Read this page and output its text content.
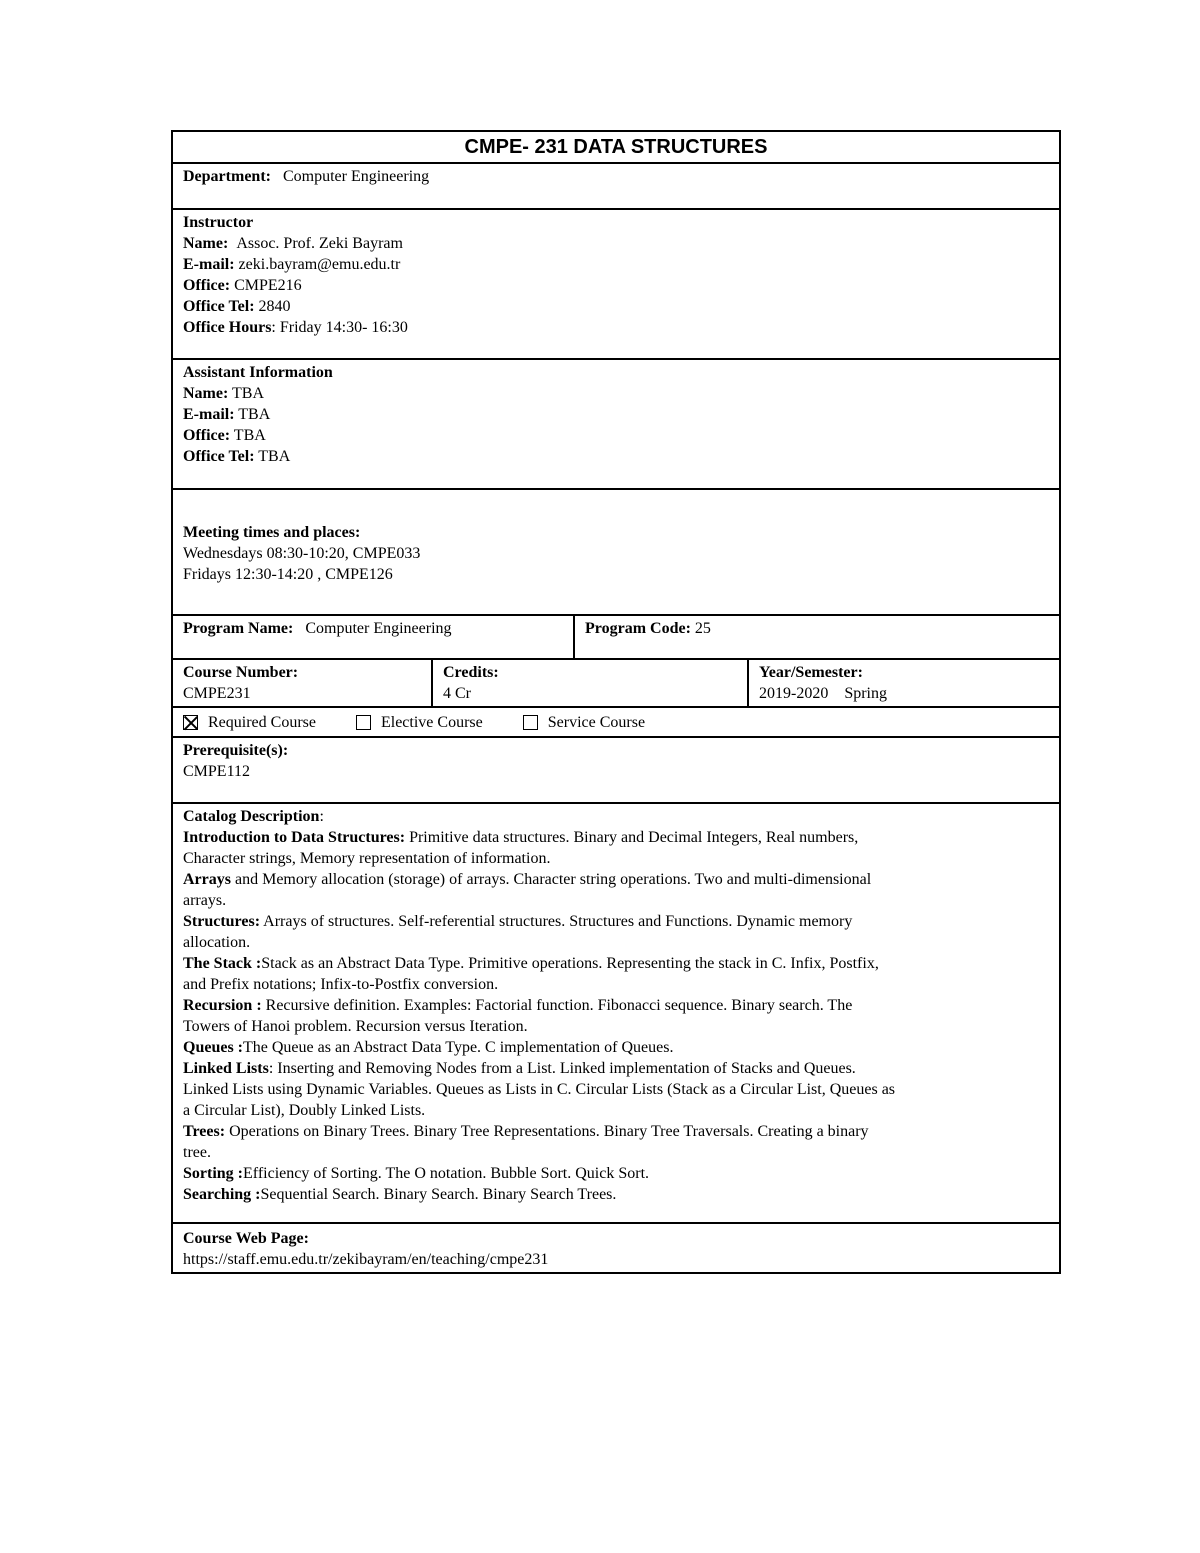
CMPE- 231 DATA STRUCTURES
Department: Computer Engineering
Instructor
Name: Assoc. Prof. Zeki Bayram
E-mail: zeki.bayram@emu.edu.tr
Office: CMPE216
Office Tel: 2840
Office Hours: Friday 14:30- 16:30
Assistant Information
Name: TBA
E-mail: TBA
Office: TBA
Office Tel: TBA
Meeting times and places:
Wednesdays 08:30-10:20, CMPE033
Fridays 12:30-14:20 , CMPE126
Program Name: Computer Engineering	Program Code: 25
Course Number:
CMPE231
Credits:
4 Cr
Year/Semester:
2019-2020    Spring
Required Course	Elective Course	Service Course
Prerequisite(s):
CMPE112

Catalog Description:

Introduction to Data Structures: Primitive data structures. Binary and Decimal Integers, Real numbers, Character strings, Memory representation of information.

Arrays and Memory allocation (storage) of arrays. Character string operations. Two and multi-dimensional arrays.

Structures: Arrays of structures. Self-referential structures. Structures and Functions. Dynamic memory allocation.

The Stack :Stack as an Abstract Data Type. Primitive operations. Representing the stack in C. Infix, Postfix, and Prefix notations; Infix-to-Postfix conversion.

Recursion : Recursive definition. Examples: Factorial function. Fibonacci sequence. Binary search. The Towers of Hanoi problem. Recursion versus Iteration.

Queues :The Queue as an Abstract Data Type. C implementation of Queues.

Linked Lists: Inserting and Removing Nodes from a List. Linked implementation of Stacks and Queues. Linked Lists using Dynamic Variables. Queues as Lists in C. Circular Lists (Stack as a Circular List, Queues as a Circular List), Doubly Linked Lists.

Trees: Operations on Binary Trees. Binary Tree Representations. Binary Tree Traversals. Creating a binary tree.

Sorting :Efficiency of Sorting. The O notation. Bubble Sort. Quick Sort.

Searching :Sequential Search. Binary Search. Binary Search Trees.

Course Web Page:
https://staff.emu.edu.tr/zekibayram/en/teaching/cmpe231
